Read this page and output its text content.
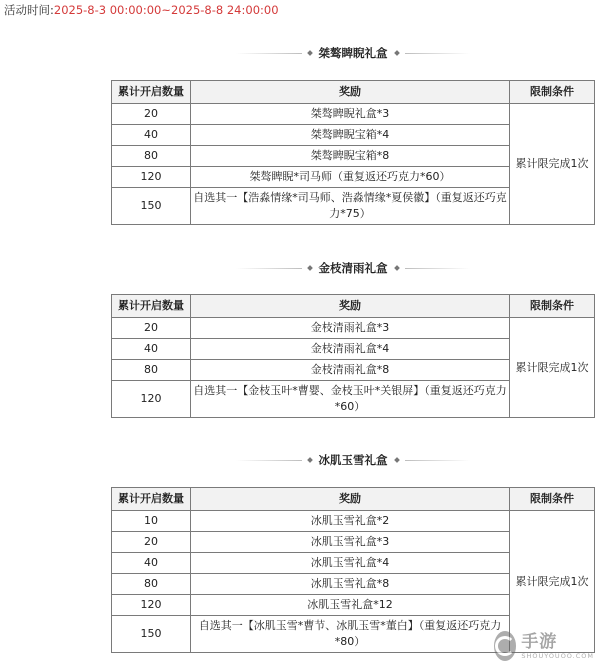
活动时间:2025-8-3 00:00:00~2025-8-8 24:00:00
桀骜睥睨礼盒
累计开启数量	奖励	限制条件
20	桀骜睥睨礼盒*3	累计限完成1次
40	桀骜睥睨宝箱*4	
80	桀骜睥睨宝箱*8	
120	桀骜睥睨*司马师（重复返还巧克力*60）	
150	自选其一【浩淼情缘*司马师、浩淼情缘*夏侯徽】（重复返还巧克力*75）	
金枝清雨礼盒
累计开启数量	奖励	限制条件
20	金枝清雨礼盒*3	累计限完成1次
40	金枝清雨礼盒*4	
80	金枝清雨礼盒*8	
120	自选其一【金枝玉叶*曹婴、金枝玉叶*关银屏】（重复返还巧克力*60）	
冰肌玉雪礼盒
累计开启数量	奖励	限制条件
10	冰肌玉雪礼盒*2	累计限完成1次
20	冰肌玉雪礼盒*3	
40	冰肌玉雪礼盒*4	
80	冰肌玉雪礼盒*8	
120	冰肌玉雪礼盒*12	
150	自选其一【冰肌玉雪*曹节、冰肌玉雪*董白】（重复返还巧克力*80）		手游
SHOUYOUOO.COM
